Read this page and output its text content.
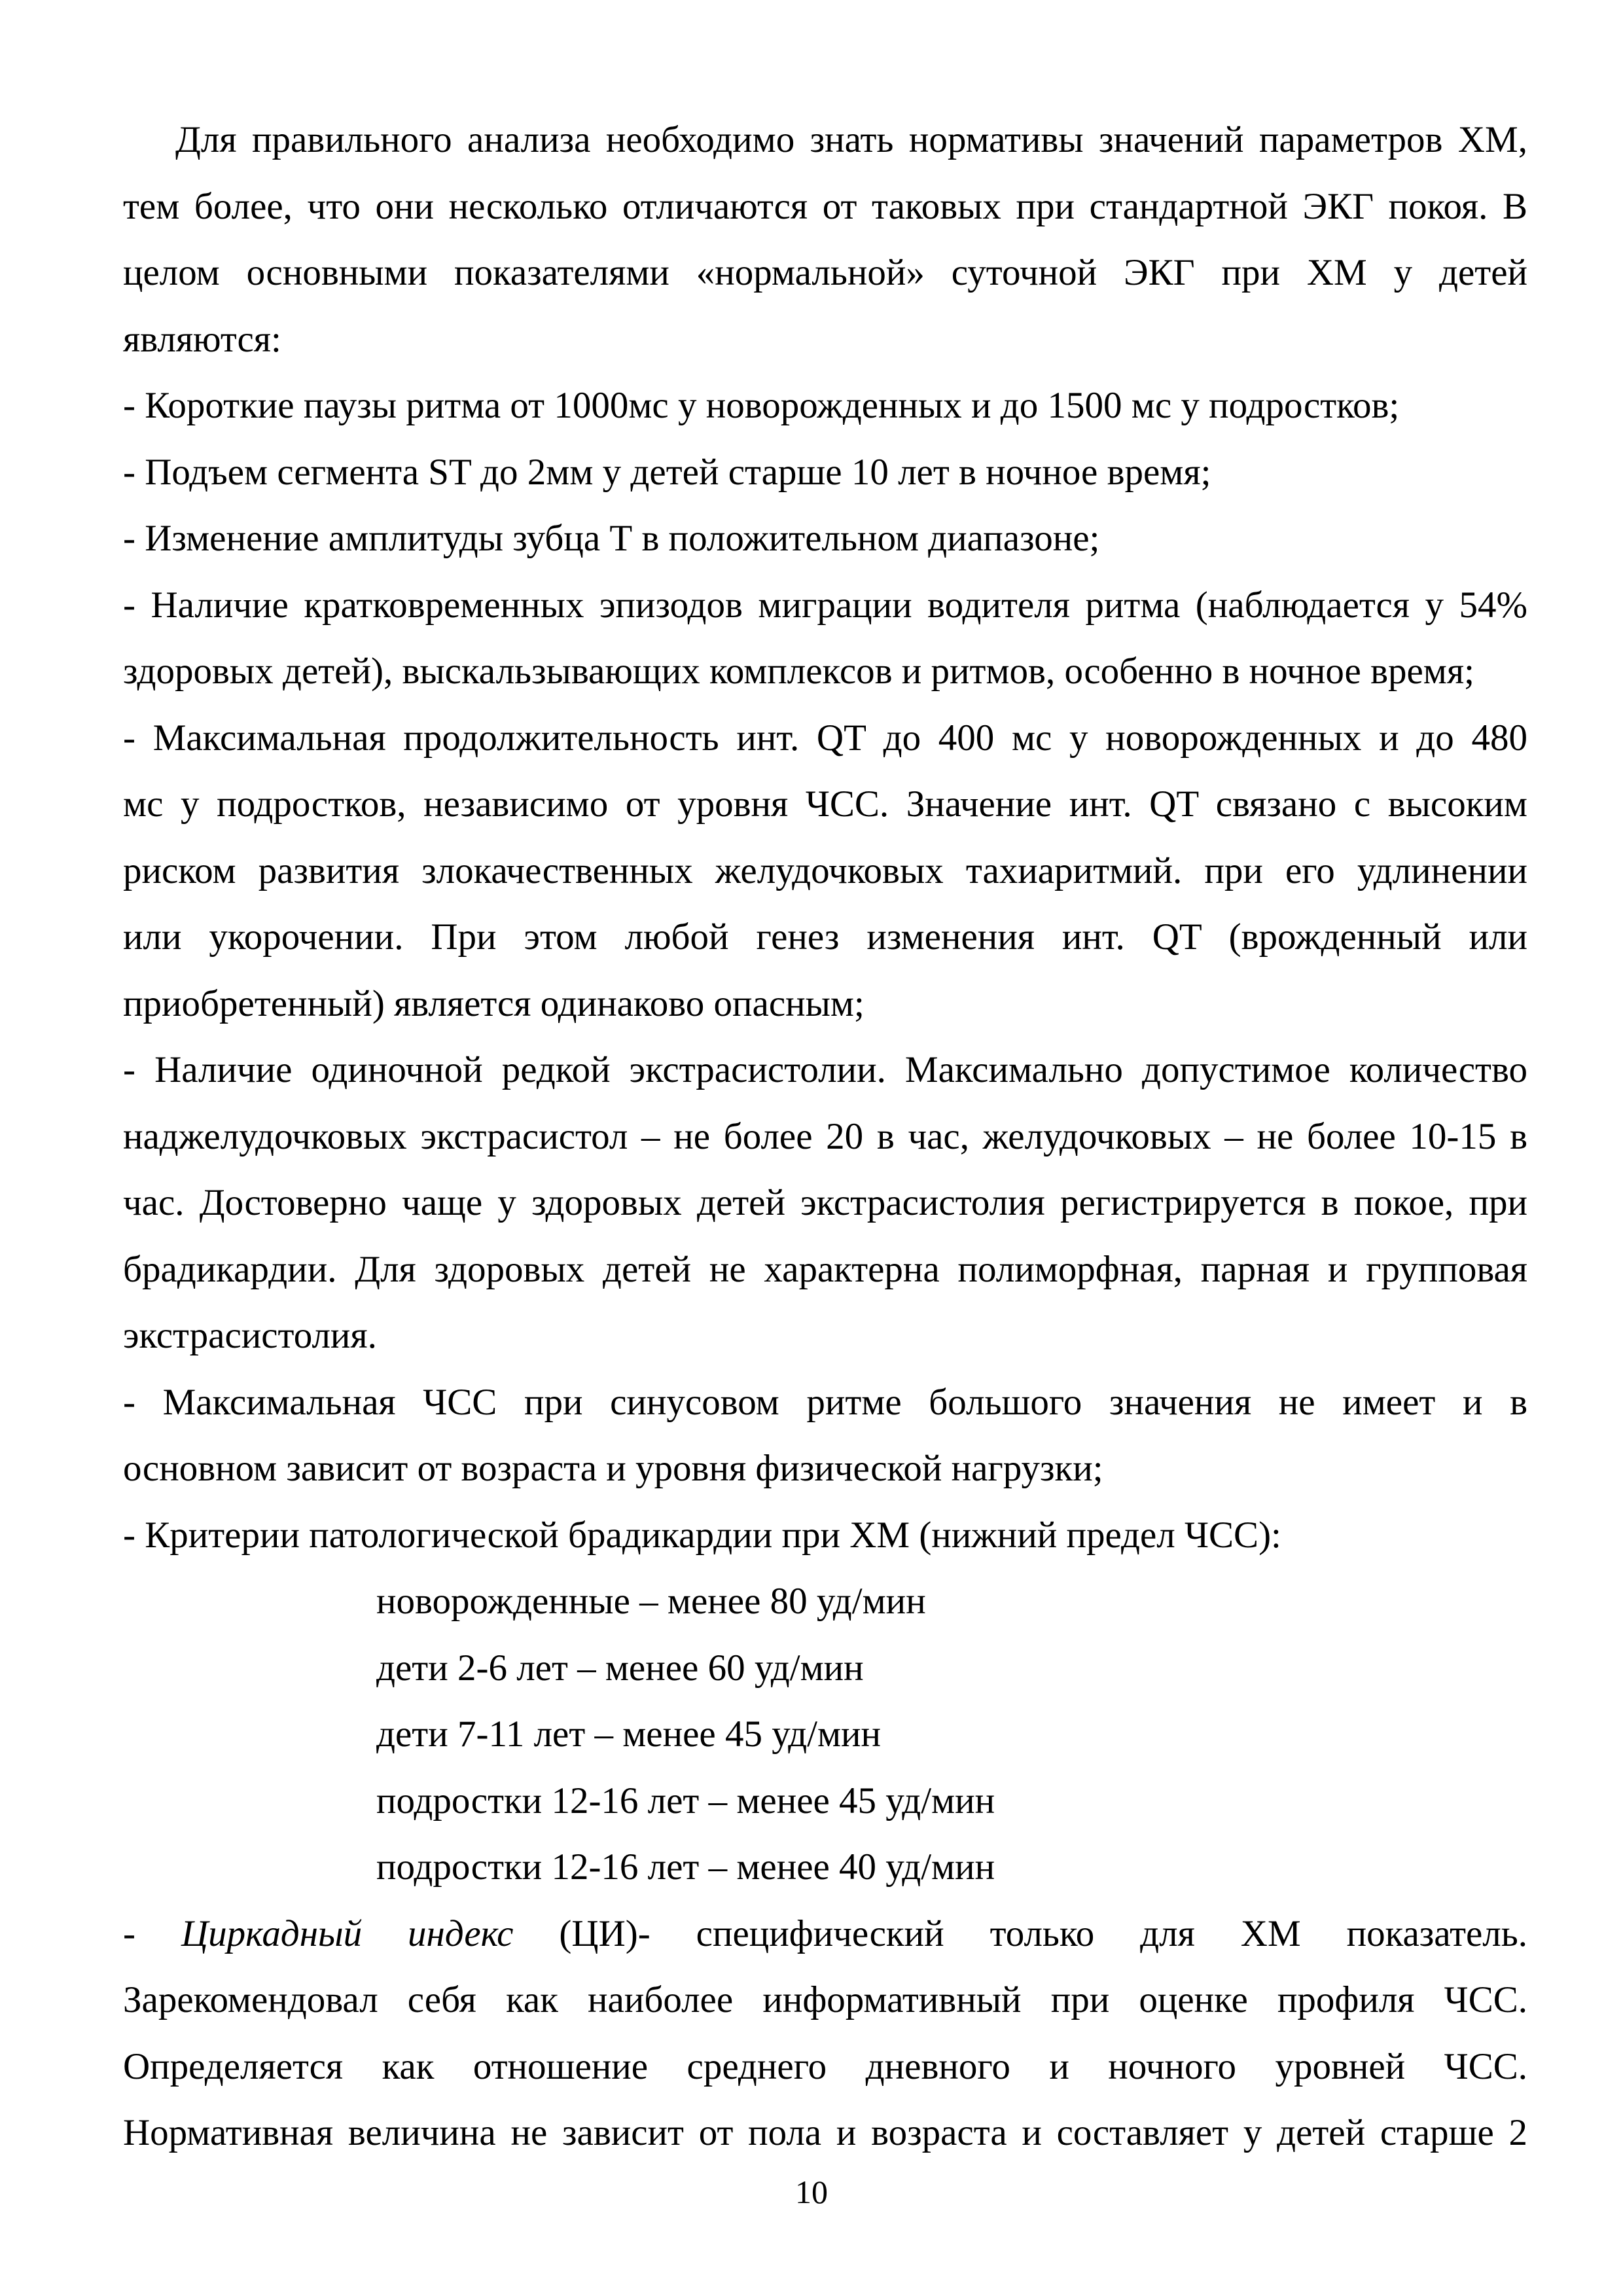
Для правильного анализа необходимо знать нормативы значений параметров ХМ,
тем более, что они несколько отличаются от таковых при стандартной ЭКГ покоя. В
целом основными показателями «нормальной» суточной ЭКГ при ХМ у детей
являются:
- Короткие паузы ритма от 1000мс у новорожденных и до 1500 мс у подростков;
- Подъем сегмента ST до 2мм у детей старше 10 лет в ночное время;
- Изменение амплитуды зубца Т в положительном диапазоне;
- Наличие кратковременных эпизодов миграции водителя ритма (наблюдается у 54%
здоровых детей), выскальзывающих комплексов и ритмов, особенно в ночное время;
- Максимальная продолжительность инт. QT до 400 мс у новорожденных и до 480
мс у подростков, независимо от уровня ЧСС. Значение инт. QT связано с высоким
риском развития злокачественных желудочковых тахиаритмий. при его удлинении
или укорочении. При этом любой генез изменения инт. QT (врожденный или
приобретенный) является одинаково опасным;
- Наличие одиночной редкой экстрасистолии. Максимально допустимое количество
наджелудочковых экстрасистол – не более 20 в час, желудочковых – не более 10-15 в
час. Достоверно чаще у здоровых детей экстрасистолия регистрируется в покое, при
брадикардии. Для здоровых детей не характерна полиморфная, парная и групповая
экстрасистолия.
- Максимальная ЧСС при синусовом ритме большого значения не имеет и в
основном зависит от возраста и уровня физической нагрузки;
- Критерии патологической брадикардии при ХМ (нижний предел ЧСС):
новорожденные – менее 80 уд/мин
дети 2-6 лет – менее 60 уд/мин
дети 7-11 лет – менее 45 уд/мин
подростки 12-16 лет – менее 45 уд/мин
подростки 12-16 лет – менее 40 уд/мин
- Циркадный индекс (ЦИ)- специфический только для ХМ показатель.
Зарекомендовал себя как наиболее информативный при оценке профиля ЧСС.
Определяется как отношение среднего дневного и ночного уровней ЧСС.
Нормативная величина не зависит от пола и возраста и составляет у детей старше 2
10
